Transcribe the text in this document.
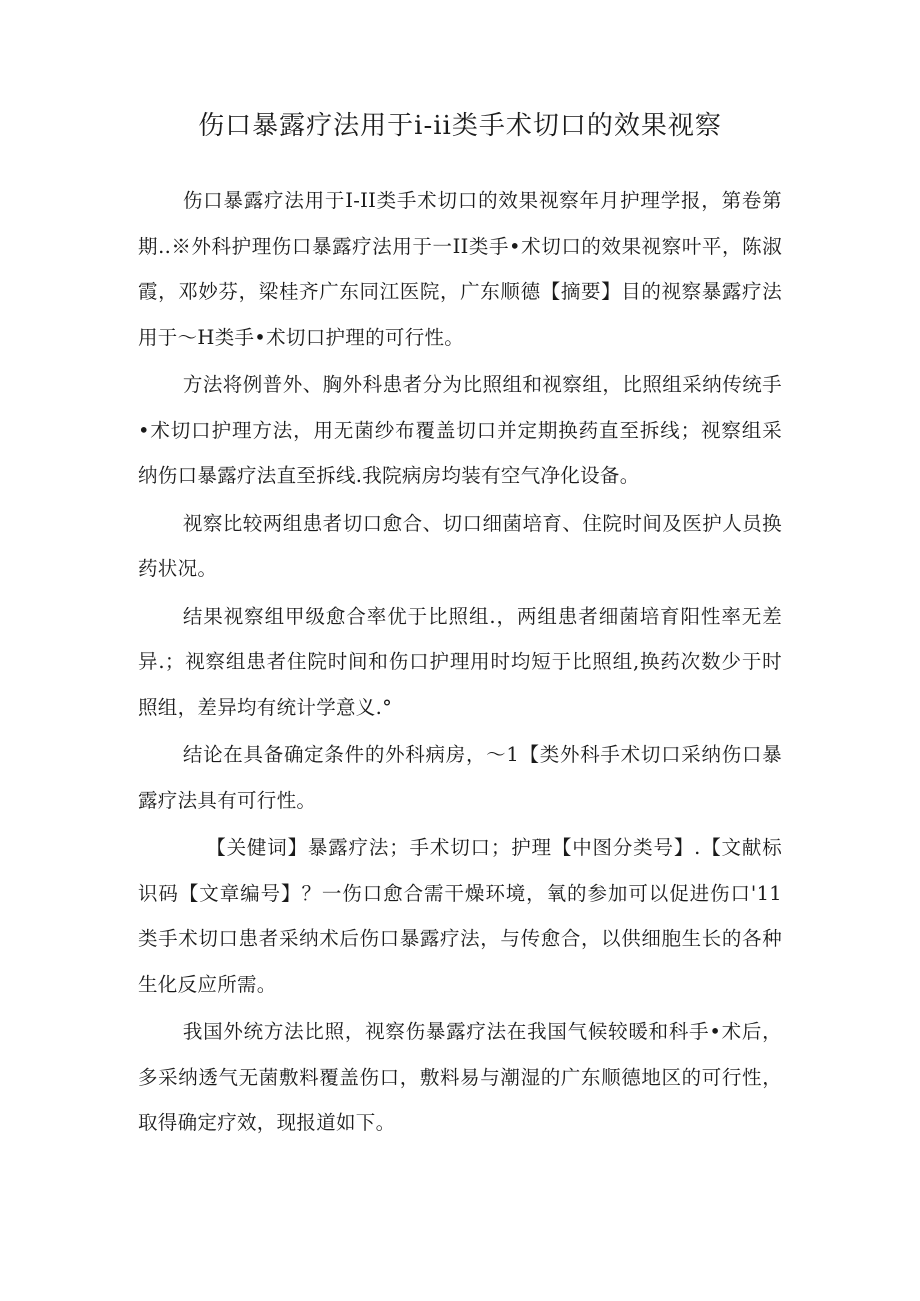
伤口暴露疗法用于i-ii类手术切口的效果视察

伤口暴露疗法用于I-II类手术切口的效果视察年月护理学报，第卷第期..※外科护理伤口暴露疗法用于一II类手•术切口的效果视察叶平，陈淑霞，邓妙芬，梁桂齐广东同江医院，广东顺德【摘要】目的视察暴露疗法用于～H类手•术切口护理的可行性。

方法将例普外、胸外科患者分为比照组和视察组，比照组采纳传统手•术切口护理方法，用无菌纱布覆盖切口并定期换药直至拆线；视察组采纳伤口暴露疗法直至拆线.我院病房均装有空气净化设备。

视察比较两组患者切口愈合、切口细菌培育、住院时间及医护人员换药状况。

结果视察组甲级愈合率优于比照组.，两组患者细菌培育阳性率无差异.；视察组患者住院时间和伤口护理用时均短于比照组,换药次数少于时照组，差异均有统计学意义.°

结论在具备确定条件的外科病房，～1【类外科手术切口采纳伤口暴露疗法具有可行性。

【关健词】暴露疗法；手术切口；护理【中图分类号】.【文献标识码【文章编号】？一伤口愈合需干燥环境，氧的参加可以促进伤口'11类手术切口患者采纳术后伤口暴露疗法，与传愈合，以供细胞生长的各种生化反应所需。

我国外统方法比照，视察伤暴露疗法在我国气候较暖和科手•术后，多采纳透气无菌敷料覆盖伤口，敷料易与潮湿的广东顺德地区的可行性，取得确定疗效，现报道如下。
